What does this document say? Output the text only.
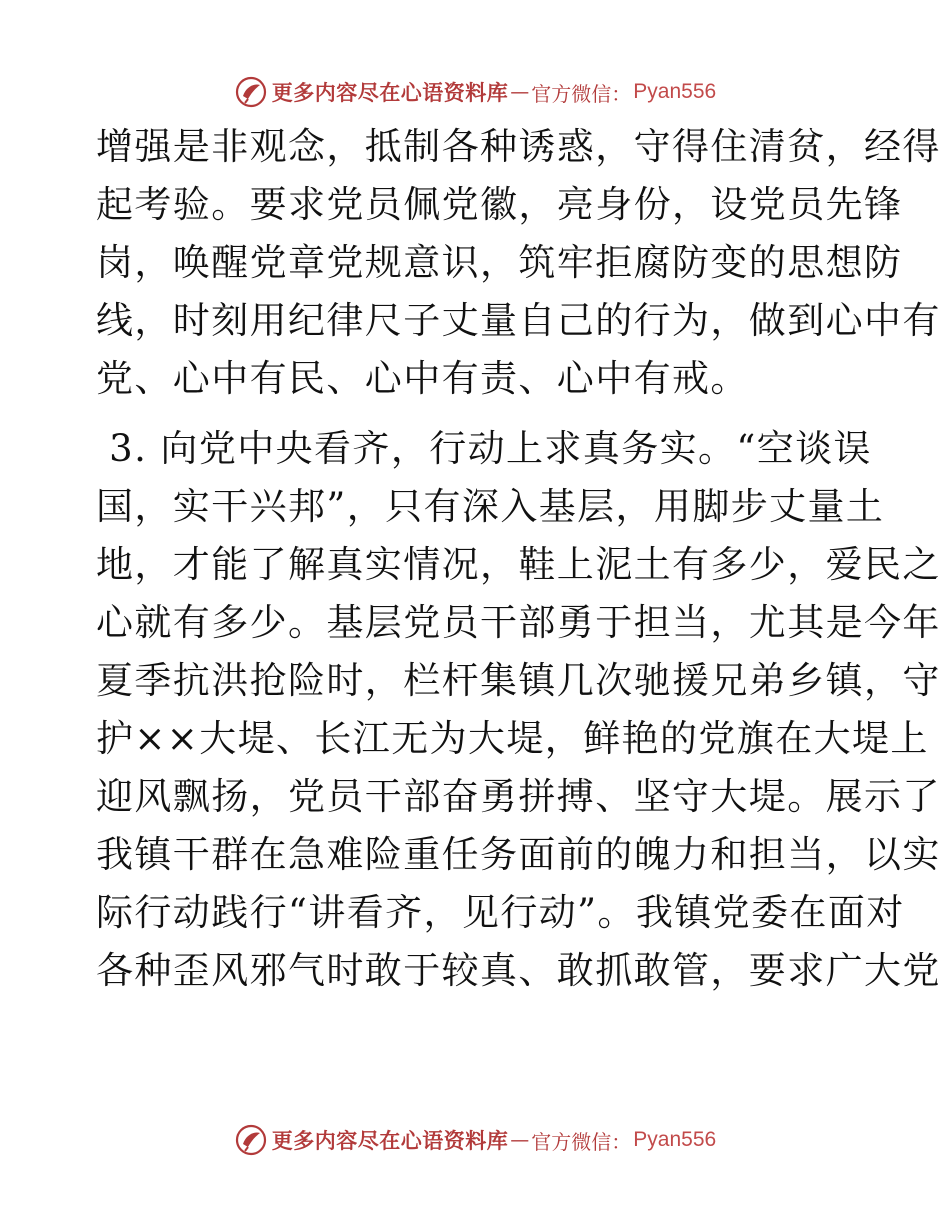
更多内容尽在心语资料库 — 官方微信： Pyan556

增强是非观念，抵制各种诱惑，守得住清贫，经得
起考验。要求党员佩党徽，亮身份，设党员先锋
岗，唤醒党章党规意识，筑牢拒腐防变的思想防
线，时刻用纪律尺子丈量自己的行为，做到心中有
党、心中有民、心中有责、心中有戒。

3. 向党中央看齐，行动上求真务实。“空谈误
国，实干兴邦”，只有深入基层，用脚步丈量土
地，才能了解真实情况，鞋上泥土有多少，爱民之
心就有多少。基层党员干部勇于担当，尤其是今年
夏季抗洪抢险时，栏杆集镇几次驰援兄弟乡镇，守
护××大堤、长江无为大堤，鲜艳的党旗在大堤上
迎风飘扬，党员干部奋勇拼搏、坚守大堤。展示了
我镇干群在急难险重任务面前的魄力和担当，以实
际行动践行“讲看齐，见行动”。我镇党委在面对
各种歪风邪气时敢于较真、敢抓敢管，要求广大党

更多内容尽在心语资料库 — 官方微信： Pyan556
